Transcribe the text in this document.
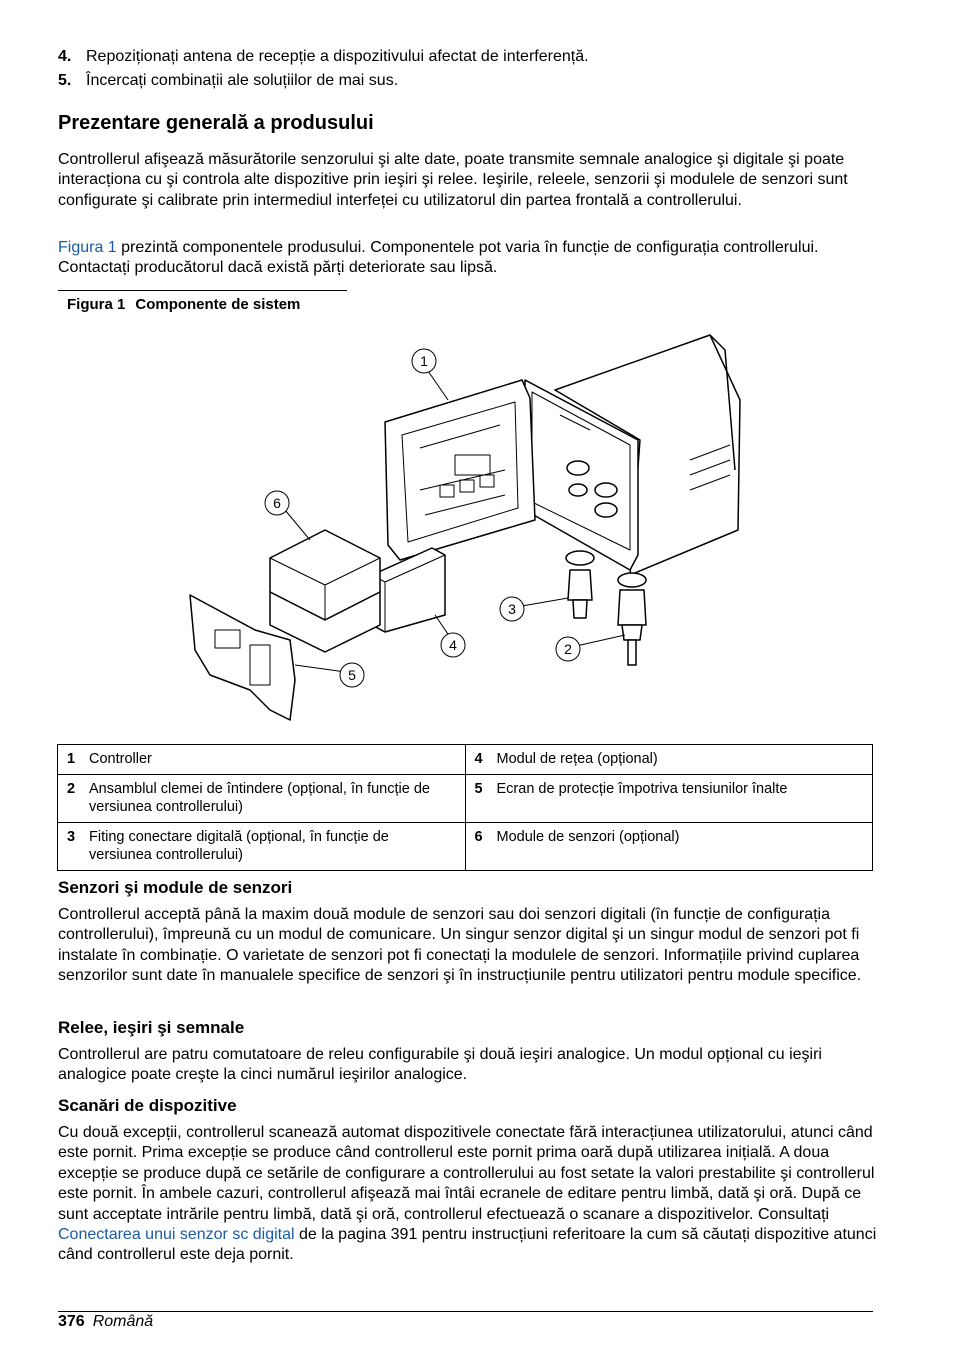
4. Repoziționați antena de recepție a dispozitivului afectat de interferență.
5. Încercați combinații ale soluțiilor de mai sus.
Prezentare generală a produsului

Controllerul afişează măsurătorile senzorului şi alte date, poate transmite semnale analogice şi digitale şi poate interacționa cu şi controla alte dispozitive prin ieşiri şi relee. Ieşirile, releele, senzorii şi modulele de senzori sunt configurate şi calibrate prin intermediul interfeței cu utilizatorul din partea frontală a controllerului.

Figura 1 prezintă componentele produsului. Componentele pot varia în funcție de configurația controllerului. Contactați producătorul dacă există părți deteriorate sau lipsă.

Figura 1 Componente de sistem
1
6
3
2
4
5
1 Controller	4 Modul de rețea (opțional)
2 Ansamblul clemei de întindere (opțional, în funcție de versiunea controllerului)	5 Ecran de protecție împotriva tensiunilor înalte
3 Fiting conectare digitală (opțional, în funcție de versiunea controllerului)	6 Module de senzori (opțional)
Senzori şi module de senzori

Controllerul acceptă până la maxim două module de senzori sau doi senzori digitali (în funcție de configurația controllerului), împreună cu un modul de comunicare. Un singur senzor digital şi un singur modul de senzori pot fi instalate în combinație. O varietate de senzori pot fi conectați la modulele de senzori. Informațiile privind cuplarea senzorilor sunt date în manualele specifice de senzori şi în instrucțiunile pentru utilizatori pentru module specifice.

Relee, ieşiri şi semnale

Controllerul are patru comutatoare de releu configurabile şi două ieşiri analogice. Un modul opțional cu ieşiri analogice poate creşte la cinci numărul ieşirilor analogice.

Scanări de dispozitive

Cu două excepții, controllerul scanează automat dispozitivele conectate fără interacțiunea utilizatorului, atunci când este pornit. Prima excepție se produce când controllerul este pornit prima oară după utilizarea inițială. A doua excepție se produce după ce setările de configurare a controllerului au fost setate la valori prestabilite şi controllerul este pornit. În ambele cazuri, controllerul afişează mai întâi ecranele de editare pentru limbă, dată şi oră. După ce sunt acceptate intrările pentru limbă, dată şi oră, controllerul efectuează o scanare a dispozitivelor. Consultați Conectarea unui senzor sc digital de la pagina 391 pentru instrucțiuni referitoare la cum să căutați dispozitive atunci când controllerul este deja pornit.

376 Română
